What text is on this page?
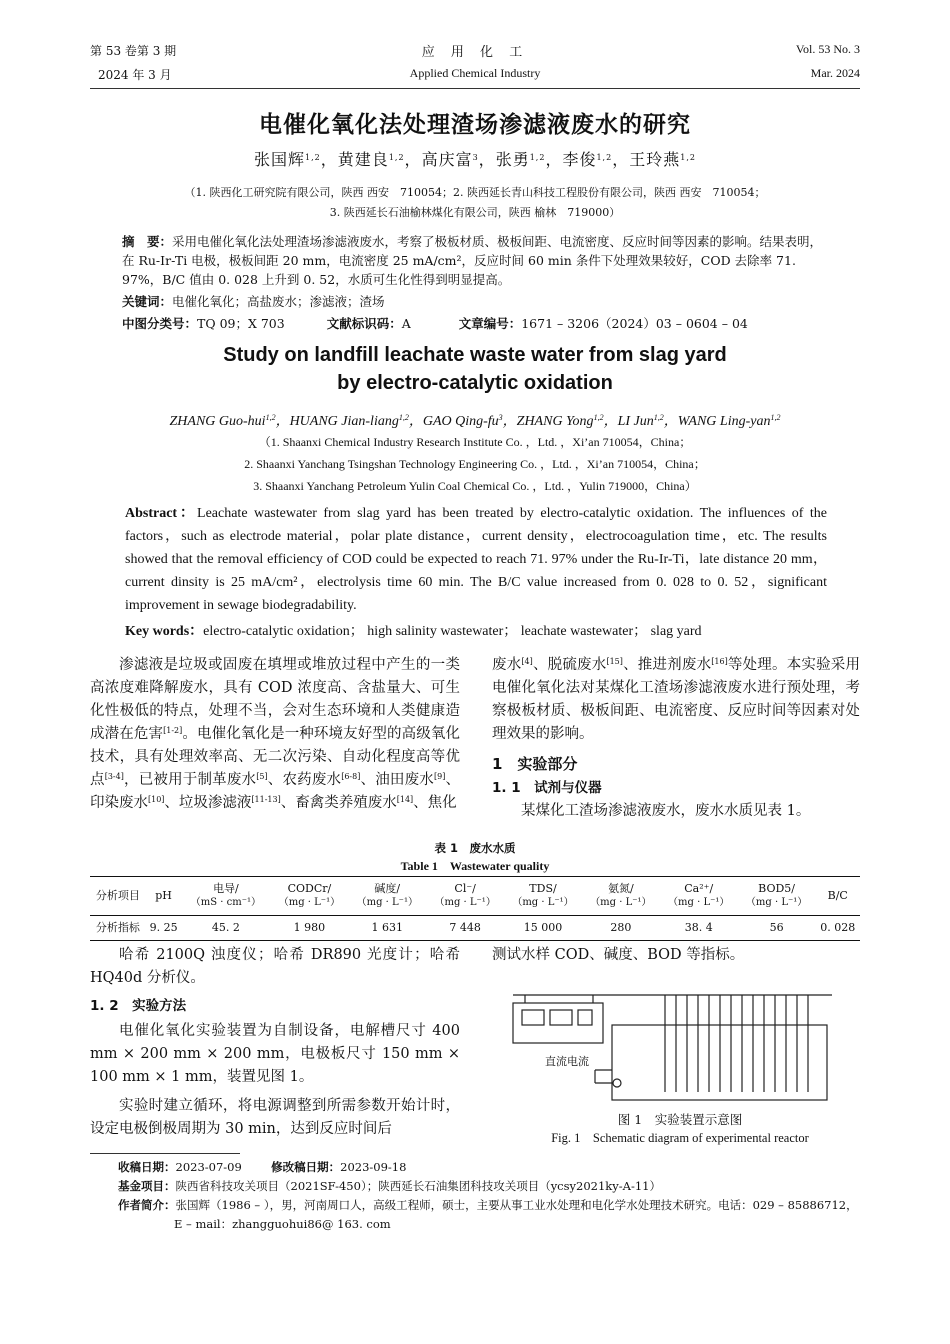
第 53 卷第 3 期
2024 年 3 月
应 用 化 工
Applied Chemical Industry
Vol. 53 No. 3
Mar. 2024
电催化氧化法处理渣场渗滤液废水的研究
张国辉$^{1,2}$，黄建良$^{1,2}$，高庆富$^3$，张勇$^{1,2}$，李俊$^{1,2}$，王玲燕$^{1,2}$
（1. 陕西化工研究院有限公司，陕西 西安　710054；2. 陕西延长青山科技工程股份有限公司，陕西 西安　710054；
3. 陕西延长石油榆林煤化有限公司，陕西 榆林　719000）
摘　要：采用电催化氧化法处理渣场渗滤液废水，考察了极板材质、极板间距、电流密度、反应时间等因素的影响。结果表明，在 Ru-Ir-Ti 电极，极板间距 20 mm，电流密度 25 mA/cm²，反应时间 60 min 条件下处理效果较好，COD 去除率 71. 97%，B/C 值由 0. 028 上升到 0. 52，水质可生化性得到明显提高。
关键词：电催化氧化；高盐废水；渗滤液；渣场
中图分类号：TQ 09；X 703	文献标识码：A	文章编号：1671 – 3206（2024）03 – 0604 – 04
Study on landfill leachate waste water from slag yard
by electro-catalytic oxidation
ZHANG Guo-hui$^{1,2}$，HUANG Jian-liang$^{1,2}$，GAO Qing-$fu^3$，ZHANG Yong$^{1,2}$，LI Jun$^{1,2}$，WANG Ling-yan$^{1,2}$
（1. Shaanxi Chemical Industry Research Institute Co. ，Ltd. ，Xi’an 710054，China；
2. Shaanxi Yanchang Tsingshan Technology Engineering Co. ，Ltd. ，Xi’an 710054，China；
3. Shaanxi Yanchang Petroleum Yulin Coal Chemical Co. ，Ltd. ，Yulin 719000，China）
Abstract：Leachate wastewater from slag yard has been treated by electro-catalytic oxidation. The influences of the factors，such as electrode material，polar plate distance，current density，electrocoagulation time，etc. The results showed that the removal efficiency of COD could be expected to reach 71. 97% under the Ru-Ir-Ti，late distance 20 mm，current dinsity is 25 mA/cm²，electrolysis time 60 min. The B/C value increased from 0. 028 to 0. 52，significant improvement in sewage biodegradability.
Key words：electro-catalytic oxidation； high salinity wastewater； leachate wastewater； slag yard

渗滤液是垃圾或固废在填埋或堆放过程中产生的一类高浓度难降解废水，具有 COD 浓度高、含盐量大、可生化性极低的特点，处理不当，会对生态环境和人类健康造成潜在危害[1-2]。电催化氧化是一种环境友好型的高级氧化技术，具有处理效率高、无二次污染、自动化程度高等优点[3-4]，已被用于制革废水[5]、农药废水[6-8]、油田废水[9]、印染废水[10]、垃圾渗滤液[11-13]、畜禽类养殖废水[14]、焦化

废水[4]、脱硫废水[15]、推进剂废水[16]等处理。本实验采用电催化氧化法对某煤化工渣场渗滤液废水进行预处理，考察极板材质、极板间距、电流密度、反应时间等因素对处理效果的影响。

1　实验部分
1. 1　试剂与仪器

某煤化工渣场渗滤液废水，废水水质见表 1。

表 1　废水水质
Table 1　Wastewater quality
分析项目	pH	电导/
（mS · cm⁻¹）	CODCr/
（mg · L⁻¹）	碱度/
（mg · L⁻¹）	Cl⁻/
（mg · L⁻¹）	TDS/
（mg · L⁻¹）	氨氮/
（mg · L⁻¹）	Ca²⁺/
（mg · L⁻¹）	BOD5/
（mg · L⁻¹）	B/C
分析指标	9. 25	45. 2	1 980	1 631	7 448	15 000	280	38. 4	56	0. 028

哈希 2100Q 浊度仪；哈希 DR890 光度计；哈希 HQ40d 分析仪。

1. 2　实验方法

电催化氧化实验装置为自制设备，电解槽尺寸 400 mm × 200 mm × 200 mm，电极板尺寸 150 mm × 100 mm × 1 mm，装置见图 1。

实验时建立循环，将电源调整到所需参数开始计时，设定电极倒极周期为 30 min，达到反应时间后

测试水样 COD、碱度、BOD 等指标。

直流电流
图 1　实验装置示意图
Fig. 1　Schematic diagram of experimental reactor
收稿日期：2023-07-09	修改稿日期：2023-09-18
基金项目：陕西省科技攻关项目（2021SF-450）；陕西延长石油集团科技攻关项目（ycsy2021ky-A-11）
作者简介：张国辉（1986 – ），男，河南周口人，高级工程师，硕士，主要从事工业水处理和电化学水处理技术研究。电话：029 – 85886712，
E – mail：zhangguohui86@ 163. com
